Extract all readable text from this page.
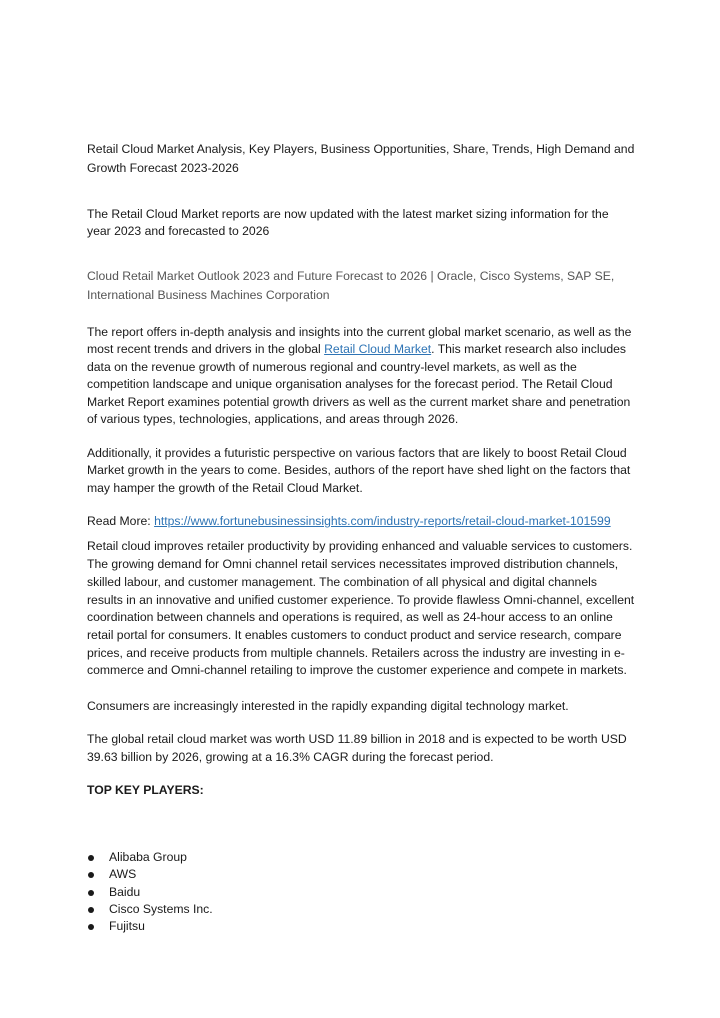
Retail Cloud Market Analysis, Key Players, Business Opportunities, Share, Trends, High Demand and Growth Forecast 2023-2026

The Retail Cloud Market reports are now updated with the latest market sizing information for the year 2023 and forecasted to 2026

Cloud Retail Market Outlook 2023 and Future Forecast to 2026 | Oracle, Cisco Systems, SAP SE, International Business Machines Corporation

The report offers in-depth analysis and insights into the current global market scenario, as well as the most recent trends and drivers in the global Retail Cloud Market. This market research also includes data on the revenue growth of numerous regional and country-level markets, as well as the competition landscape and unique organisation analyses for the forecast period. The Retail Cloud Market Report examines potential growth drivers as well as the current market share and penetration of various types, technologies, applications, and areas through 2026.

Additionally, it provides a futuristic perspective on various factors that are likely to boost Retail Cloud Market growth in the years to come. Besides, authors of the report have shed light on the factors that may hamper the growth of the Retail Cloud Market.

Read More: https://www.fortunebusinessinsights.com/industry-reports/retail-cloud-market-101599

Retail cloud improves retailer productivity by providing enhanced and valuable services to customers. The growing demand for Omni channel retail services necessitates improved distribution channels, skilled labour, and customer management. The combination of all physical and digital channels results in an innovative and unified customer experience. To provide flawless Omni-channel, excellent coordination between channels and operations is required, as well as 24-hour access to an online retail portal for consumers. It enables customers to conduct product and service research, compare prices, and receive products from multiple channels. Retailers across the industry are investing in e-commerce and Omni-channel retailing to improve the customer experience and compete in markets.

Consumers are increasingly interested in the rapidly expanding digital technology market.

The global retail cloud market was worth USD 11.89 billion in 2018 and is expected to be worth USD 39.63 billion by 2026, growing at a 16.3% CAGR during the forecast period.

TOP KEY PLAYERS:

Alibaba Group
AWS
Baidu
Cisco Systems Inc.
Fujitsu
